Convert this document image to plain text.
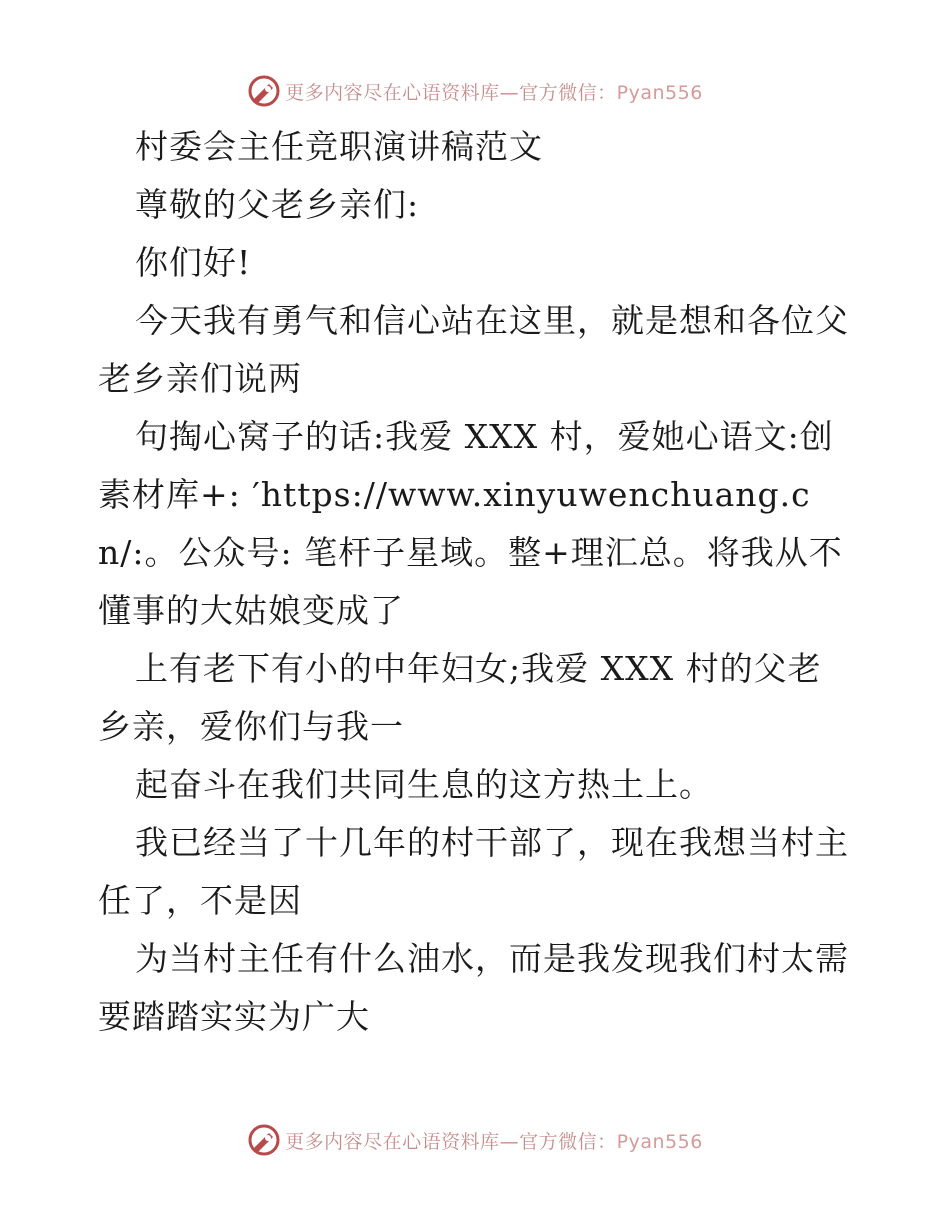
更多内容尽在心语资料库—官方微信：Pyan556

村委会主任竞职演讲稿范文

尊敬的父老乡亲们:

你们好!

今天我有勇气和信心站在这里，就是想和各位父老乡亲们说两

句掏心窝子的话:我爱 XXX 村，爱她心语文:创素材库+: ′https://www.xinyuwenchuang.cn/:。公众号: 笔杆子星域。整+理汇总。将我从不懂事的大姑娘变成了

上有老下有小的中年妇女;我爱 XXX 村的父老乡亲，爱你们与我一

起奋斗在我们共同生息的这方热土上。

我已经当了十几年的村干部了，现在我想当村主任了，不是因

为当村主任有什么油水，而是我发现我们村太需要踏踏实实为广大

更多内容尽在心语资料库—官方微信：Pyan556
